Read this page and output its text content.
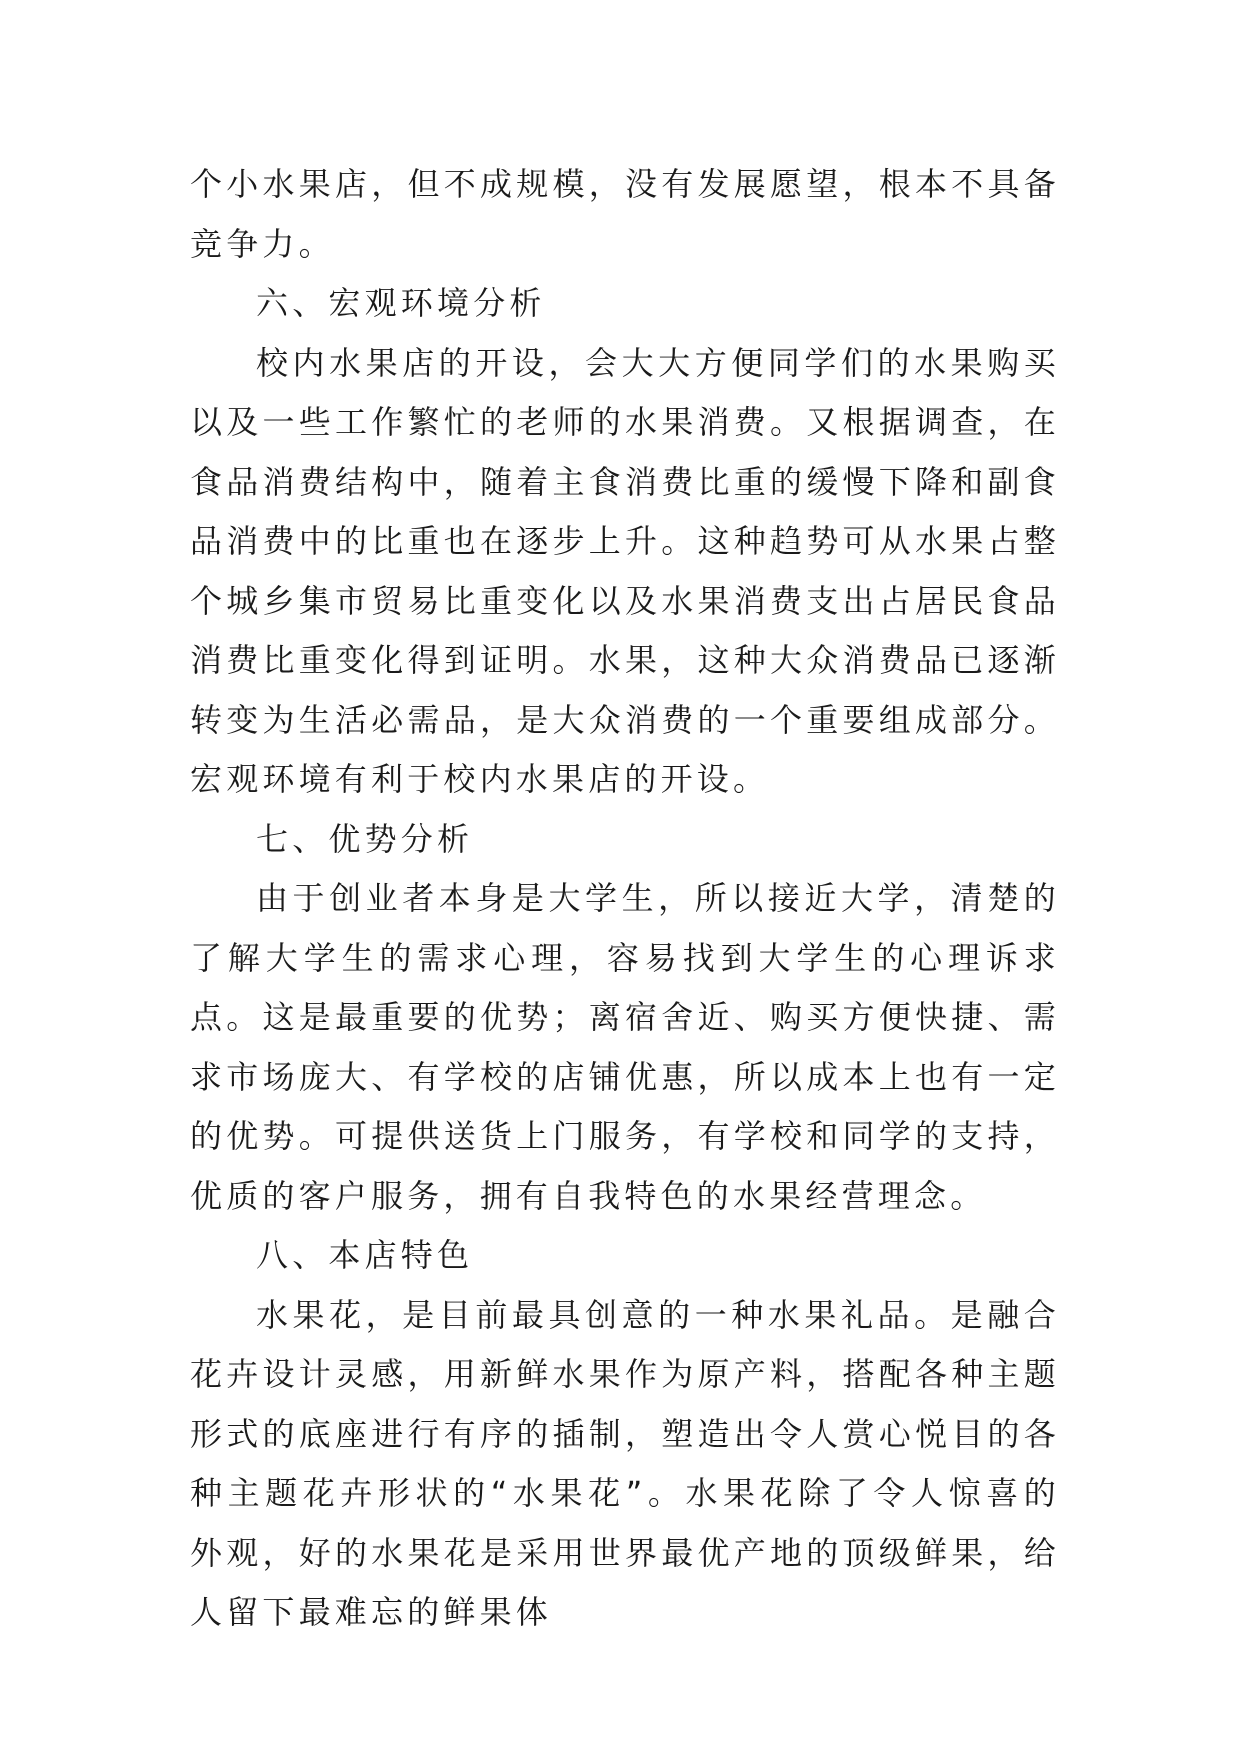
个小水果店，但不成规模，没有发展愿望，根本不具备竞争力。

六、宏观环境分析

校内水果店的开设，会大大方便同学们的水果购买以及一些工作繁忙的老师的水果消费。又根据调查，在食品消费结构中，随着主食消费比重的缓慢下降和副食品消费中的比重也在逐步上升。这种趋势可从水果占整个城乡集市贸易比重变化以及水果消费支出占居民食品消费比重变化得到证明。水果，这种大众消费品已逐渐转变为生活必需品，是大众消费的一个重要组成部分。宏观环境有利于校内水果店的开设。

七、优势分析

由于创业者本身是大学生，所以接近大学，清楚的了解大学生的需求心理，容易找到大学生的心理诉求点。这是最重要的优势；离宿舍近、购买方便快捷、需求市场庞大、有学校的店铺优惠，所以成本上也有一定的优势。可提供送货上门服务，有学校和同学的支持，优质的客户服务，拥有自我特色的水果经营理念。

八、本店特色

水果花，是目前最具创意的一种水果礼品。是融合花卉设计灵感，用新鲜水果作为原产料，搭配各种主题形式的底座进行有序的插制，塑造出令人赏心悦目的各种主题花卉形状的“水果花”。水果花除了令人惊喜的外观，好的水果花是采用世界最优产地的顶级鲜果，给人留下最难忘的鲜果体
